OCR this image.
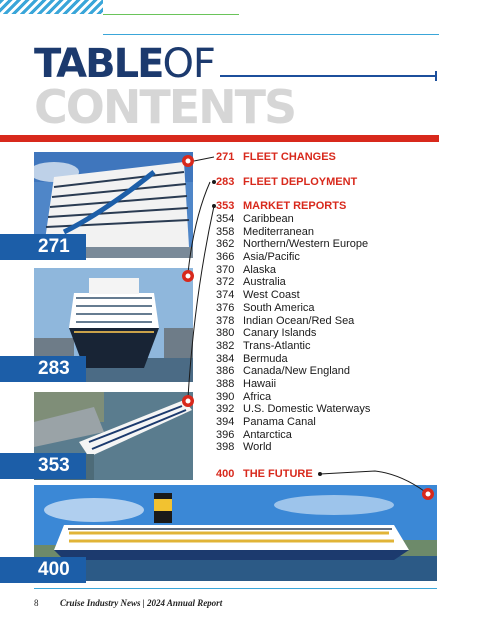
TABLEOF
CONTENTS
271
283
353
400
271 FLEET CHANGES
283 FLEET DEPLOYMENT
353 MARKET REPORTS
354 Caribbean
358 Mediterranean
362 Northern/Western Europe
366 Asia/Pacific
370 Alaska
372 Australia
374 West Coast
376 South America
378 Indian Ocean/Red Sea
380 Canary Islands
382 Trans-Atlantic
384 Bermuda
386 Canada/New England
388 Hawaii
390 Africa
392 U.S. Domestic Waterways
394 Panama Canal
396 Antarctica
398 World
400 THE FUTURE
8 Cruise Industry News | 2024 Annual Report
